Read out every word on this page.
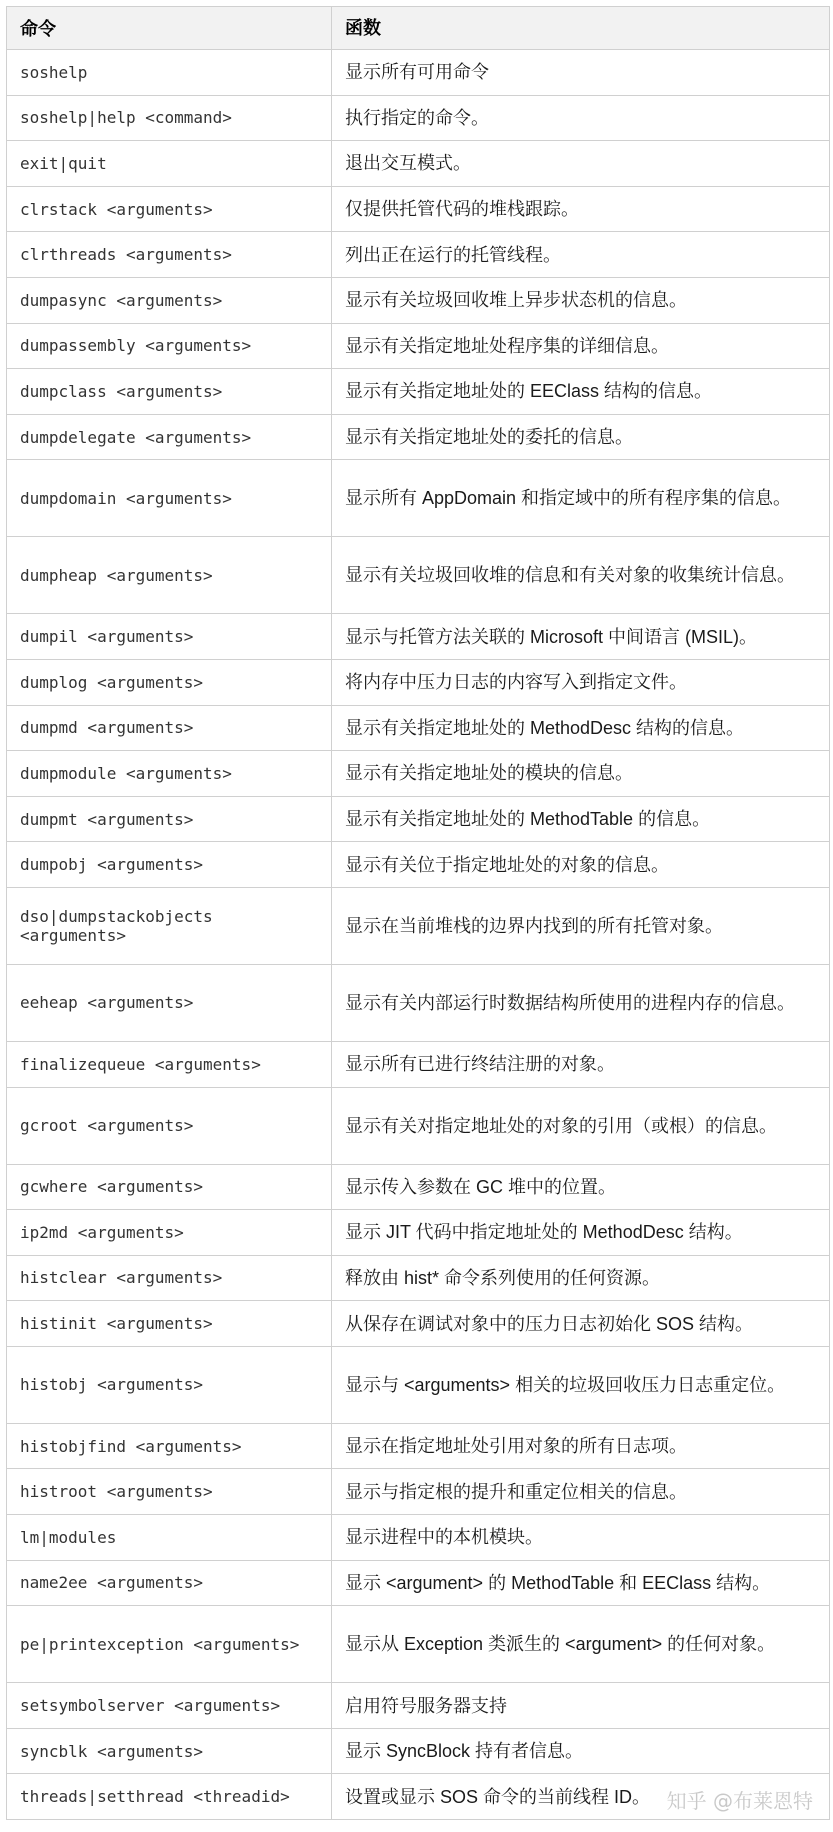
命令	函数
soshelp	显示所有可用命令
soshelp|help <command>	执行指定的命令。
exit|quit	退出交互模式。
clrstack <arguments>	仅提供托管代码的堆栈跟踪。
clrthreads <arguments>	列出正在运行的托管线程。
dumpasync <arguments>	显示有关垃圾回收堆上异步状态机的信息。
dumpassembly <arguments>	显示有关指定地址处程序集的详细信息。
dumpclass <arguments>	显示有关指定地址处的 EEClass 结构的信息。
dumpdelegate <arguments>	显示有关指定地址处的委托的信息。
dumpdomain <arguments>	显示所有 AppDomain 和指定域中的所有程序集的信息。
dumpheap <arguments>	显示有关垃圾回收堆的信息和有关对象的收集统计信息。
dumpil <arguments>	显示与托管方法关联的 Microsoft 中间语言 (MSIL)。
dumplog <arguments>	将内存中压力日志的内容写入到指定文件。
dumpmd <arguments>	显示有关指定地址处的 MethodDesc 结构的信息。
dumpmodule <arguments>	显示有关指定地址处的模块的信息。
dumpmt <arguments>	显示有关指定地址处的 MethodTable 的信息。
dumpobj <arguments>	显示有关位于指定地址处的对象的信息。
dso|dumpstackobjects <arguments>	显示在当前堆栈的边界内找到的所有托管对象。
eeheap <arguments>	显示有关内部运行时数据结构所使用的进程内存的信息。
finalizequeue <arguments>	显示所有已进行终结注册的对象。
gcroot <arguments>	显示有关对指定地址处的对象的引用（或根）的信息。
gcwhere <arguments>	显示传入参数在 GC 堆中的位置。
ip2md <arguments>	显示 JIT 代码中指定地址处的 MethodDesc 结构。
histclear <arguments>	释放由 hist* 命令系列使用的任何资源。
histinit <arguments>	从保存在调试对象中的压力日志初始化 SOS 结构。
histobj <arguments>	显示与 <arguments> 相关的垃圾回收压力日志重定位。
histobjfind <arguments>	显示在指定地址处引用对象的所有日志项。
histroot <arguments>	显示与指定根的提升和重定位相关的信息。
lm|modules	显示进程中的本机模块。
name2ee <arguments>	显示 <argument> 的 MethodTable 和 EEClass 结构。
pe|printexception <arguments>	显示从 Exception 类派生的 <argument> 的任何对象。
setsymbolserver <arguments>	启用符号服务器支持
syncblk <arguments>	显示 SyncBlock 持有者信息。
threads|setthread <threadid>	设置或显示 SOS 命令的当前线程 ID。 知乎 @布莱恩特
